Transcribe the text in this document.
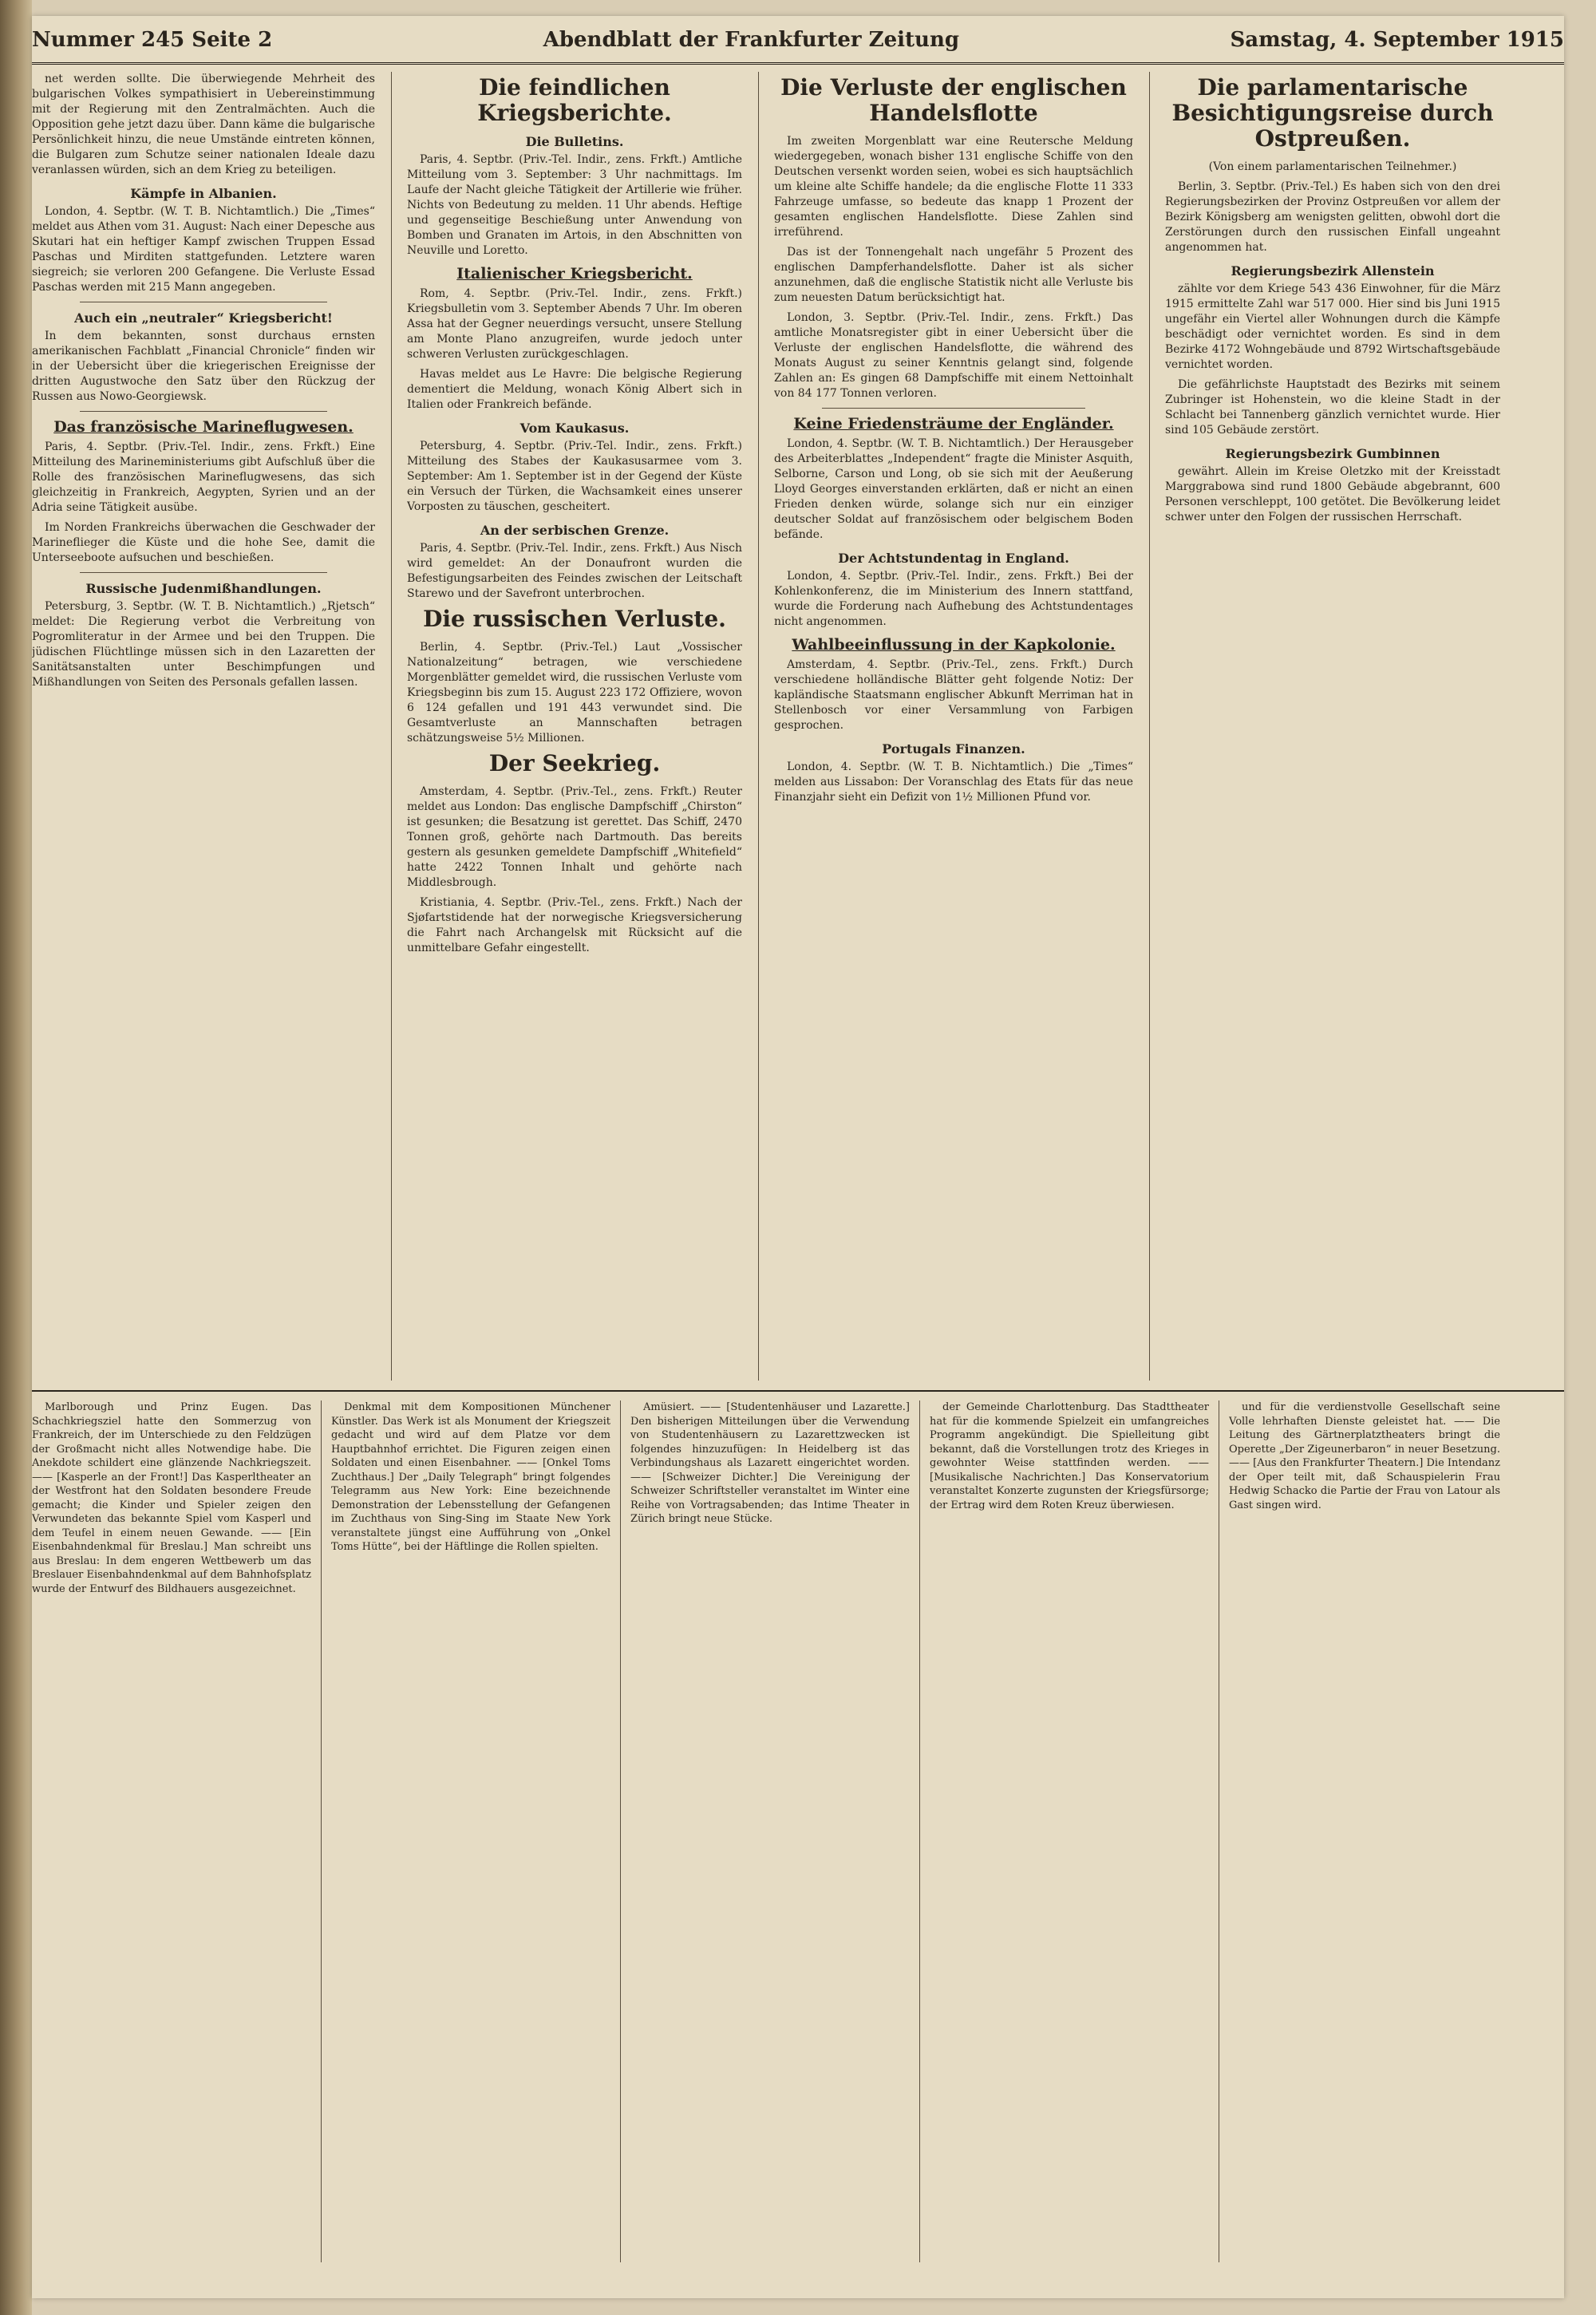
Nummer 245 Seite 2	Abendblatt der Frankfurter Zeitung	Samstag, 4. September 1915

net werden sollte. Die überwiegende Mehrheit des bulgarischen Volkes sympathisiert in Uebereinstimmung mit der Regierung mit den Zentralmächten. Auch die Opposition gehe jetzt dazu über. Dann käme die bulgarische Persönlichkeit hinzu, die neue Umstände eintreten können, die Bulgaren zum Schutze seiner nationalen Ideale dazu veranlassen würden, sich an dem Krieg zu beteiligen.

Kämpfe in Albanien.

London, 4. Septbr. (W. T. B. Nichtamtlich.) Die „Times“ meldet aus Athen vom 31. August: Nach einer Depesche aus Skutari hat ein heftiger Kampf zwischen Truppen Essad Paschas und Mirditen stattgefunden. Letztere waren siegreich; sie verloren 200 Gefangene. Die Verluste Essad Paschas werden mit 215 Mann angegeben.

Auch ein „neutraler“ Kriegsbericht!

In dem bekannten, sonst durchaus ernsten amerikanischen Fachblatt „Financial Chronicle“ finden wir in der Uebersicht über die kriegerischen Ereignisse der dritten Augustwoche den Satz über den Rückzug der Russen aus Nowo-Georgiewsk.

Das französische Marineflugwesen.

Paris, 4. Septbr. (Priv.-Tel. Indir., zens. Frkft.) Eine Mitteilung des Marineministeriums gibt Aufschluß über die Rolle des französischen Marineflugwesens, das sich gleichzeitig in Frankreich, Aegypten, Syrien und an der Adria seine Tätigkeit ausübe.

Im Norden Frankreichs überwachen die Geschwader der Marineflieger die Küste und die hohe See, damit die Unterseeboote aufsuchen und beschießen.

Russische Judenmißhandlungen.

Petersburg, 3. Septbr. (W. T. B. Nichtamtlich.) „Rjetsch“ meldet: Die Regierung verbot die Verbreitung von Pogromliteratur in der Armee und bei den Truppen. Die jüdischen Flüchtlinge müssen sich in den Lazaretten der Sanitätsanstalten unter Beschimpfungen und Mißhandlungen von Seiten des Personals gefallen lassen.

Die feindlichen Kriegsberichte.
Die Bulletins.

Paris, 4. Septbr. (Priv.-Tel. Indir., zens. Frkft.) Amtliche Mitteilung vom 3. September: 3 Uhr nachmittags. Im Laufe der Nacht gleiche Tätigkeit der Artillerie wie früher. Nichts von Bedeutung zu melden. 11 Uhr abends. Heftige und gegenseitige Beschießung unter Anwendung von Bomben und Granaten im Artois, in den Abschnitten von Neuville und Loretto.

Italienischer Kriegsbericht.

Rom, 4. Septbr. (Priv.-Tel. Indir., zens. Frkft.) Kriegsbulletin vom 3. September Abends 7 Uhr. Im oberen Assa hat der Gegner neuerdings versucht, unsere Stellung am Monte Plano anzugreifen, wurde jedoch unter schweren Verlusten zurückgeschlagen.

Havas meldet aus Le Havre: Die belgische Regierung dementiert die Meldung, wonach König Albert sich in Italien oder Frankreich befände.

Vom Kaukasus.

Petersburg, 4. Septbr. (Priv.-Tel. Indir., zens. Frkft.) Mitteilung des Stabes der Kaukasusarmee vom 3. September: Am 1. September ist in der Gegend der Küste ein Versuch der Türken, die Wachsamkeit eines unserer Vorposten zu täuschen, gescheitert.

An der serbischen Grenze.

Paris, 4. Septbr. (Priv.-Tel. Indir., zens. Frkft.) Aus Nisch wird gemeldet: An der Donaufront wurden die Befestigungsarbeiten des Feindes zwischen der Leitschaft Starewo und der Savefront unterbrochen.

Die russischen Verluste.

Berlin, 4. Septbr. (Priv.-Tel.) Laut „Vossischer Nationalzeitung“ betragen, wie verschiedene Morgenblätter gemeldet wird, die russischen Verluste vom Kriegsbeginn bis zum 15. August 223 172 Offiziere, wovon 6 124 gefallen und 191 443 verwundet sind. Die Gesamtverluste an Mannschaften betragen schätzungsweise 5½ Millionen.

Der Seekrieg.

Amsterdam, 4. Septbr. (Priv.-Tel., zens. Frkft.) Reuter meldet aus London: Das englische Dampfschiff „Chirston“ ist gesunken; die Besatzung ist gerettet. Das Schiff, 2470 Tonnen groß, gehörte nach Dartmouth. Das bereits gestern als gesunken gemeldete Dampfschiff „Whitefield“ hatte 2422 Tonnen Inhalt und gehörte nach Middlesbrough.

Kristiania, 4. Septbr. (Priv.-Tel., zens. Frkft.) Nach der Sjøfartstidende hat der norwegische Kriegsversicherung die Fahrt nach Archangelsk mit Rücksicht auf die unmittelbare Gefahr eingestellt.

Die Verluste der englischen Handelsflotte

Im zweiten Morgenblatt war eine Reutersche Meldung wiedergegeben, wonach bisher 131 englische Schiffe von den Deutschen versenkt worden seien, wobei es sich hauptsächlich um kleine alte Schiffe handele; da die englische Flotte 11 333 Fahrzeuge umfasse, so bedeute das knapp 1 Prozent der gesamten englischen Handelsflotte. Diese Zahlen sind irreführend.

Das ist der Tonnengehalt nach ungefähr 5 Prozent des englischen Dampferhandelsflotte. Daher ist als sicher anzunehmen, daß die englische Statistik nicht alle Verluste bis zum neuesten Datum berücksichtigt hat.

London, 3. Septbr. (Priv.-Tel. Indir., zens. Frkft.) Das amtliche Monatsregister gibt in einer Uebersicht über die Verluste der englischen Handelsflotte, die während des Monats August zu seiner Kenntnis gelangt sind, folgende Zahlen an: Es gingen 68 Dampfschiffe mit einem Nettoinhalt von 84 177 Tonnen verloren.

Keine Friedensträume der Engländer.

London, 4. Septbr. (W. T. B. Nichtamtlich.) Der Herausgeber des Arbeiterblattes „Independent“ fragte die Minister Asquith, Selborne, Carson und Long, ob sie sich mit der Aeußerung Lloyd Georges einverstanden erklärten, daß er nicht an einen Frieden denken würde, solange sich nur ein einziger deutscher Soldat auf französischem oder belgischem Boden befände.

Der Achtstundentag in England.

London, 4. Septbr. (Priv.-Tel. Indir., zens. Frkft.) Bei der Kohlenkonferenz, die im Ministerium des Innern stattfand, wurde die Forderung nach Aufhebung des Achtstundentages nicht angenommen.

Wahlbeeinflussung in der Kapkolonie.

Amsterdam, 4. Septbr. (Priv.-Tel., zens. Frkft.) Durch verschiedene holländische Blätter geht folgende Notiz: Der kapländische Staatsmann englischer Abkunft Merriman hat in Stellenbosch vor einer Versammlung von Farbigen gesprochen.

Portugals Finanzen.

London, 4. Septbr. (W. T. B. Nichtamtlich.) Die „Times“ melden aus Lissabon: Der Voranschlag des Etats für das neue Finanzjahr sieht ein Defizit von 1½ Millionen Pfund vor.

Die parlamentarische Besichtigungsreise durch Ostpreußen.
(Von einem parlamentarischen Teilnehmer.)

Berlin, 3. Septbr. (Priv.-Tel.) Es haben sich von den drei Regierungsbezirken der Provinz Ostpreußen vor allem der Bezirk Königsberg am wenigsten gelitten, obwohl dort die Zerstörungen durch den russischen Einfall ungeahnt angenommen hat.

Regierungsbezirk Allenstein

zählte vor dem Kriege 543 436 Einwohner, für die März 1915 ermittelte Zahl war 517 000. Hier sind bis Juni 1915 ungefähr ein Viertel aller Wohnungen durch die Kämpfe beschädigt oder vernichtet worden. Es sind in dem Bezirke 4172 Wohngebäude und 8792 Wirtschaftsgebäude vernichtet worden.

Die gefährlichste Hauptstadt des Bezirks mit seinem Zubringer ist Hohenstein, wo die kleine Stadt in der Schlacht bei Tannenberg gänzlich vernichtet wurde. Hier sind 105 Gebäude zerstört.

Regierungsbezirk Gumbinnen

gewährt. Allein im Kreise Oletzko mit der Kreisstadt Marggrabowa sind rund 1800 Gebäude abgebrannt, 600 Personen verschleppt, 100 getötet. Die Bevölkerung leidet schwer unter den Folgen der russischen Herrschaft.

Marlborough und Prinz Eugen. Das Schachkriegsziel hatte den Sommerzug von Frankreich, der im Unterschiede zu den Feldzügen der Großmacht nicht alles Notwendige habe. Die Anekdote schildert eine glänzende Nachkriegszeit. —— [Kasperle an der Front!] Das Kasperltheater an der Westfront hat den Soldaten besondere Freude gemacht; die Kinder und Spieler zeigen den Verwundeten das bekannte Spiel vom Kasperl und dem Teufel in einem neuen Gewande. —— [Ein Eisenbahndenkmal für Breslau.] Man schreibt uns aus Breslau: In dem engeren Wettbewerb um das Breslauer Eisenbahndenkmal auf dem Bahnhofsplatz wurde der Entwurf des Bildhauers ausgezeichnet.

Denkmal mit dem Kompositionen Münchener Künstler. Das Werk ist als Monument der Kriegszeit gedacht und wird auf dem Platze vor dem Hauptbahnhof errichtet. Die Figuren zeigen einen Soldaten und einen Eisenbahner. —— [Onkel Toms Zuchthaus.] Der „Daily Telegraph“ bringt folgendes Telegramm aus New York: Eine bezeichnende Demonstration der Lebensstellung der Gefangenen im Zuchthaus von Sing-Sing im Staate New York veranstaltete jüngst eine Aufführung von „Onkel Toms Hütte“, bei der Häftlinge die Rollen spielten.

Amüsiert. —— [Studentenhäuser und Lazarette.] Den bisherigen Mitteilungen über die Verwendung von Studentenhäusern zu Lazarettzwecken ist folgendes hinzuzufügen: In Heidelberg ist das Verbindungshaus als Lazarett eingerichtet worden. —— [Schweizer Dichter.] Die Vereinigung der Schweizer Schriftsteller veranstaltet im Winter eine Reihe von Vortragsabenden; das Intime Theater in Zürich bringt neue Stücke.

der Gemeinde Charlottenburg. Das Stadttheater hat für die kommende Spielzeit ein umfangreiches Programm angekündigt. Die Spielleitung gibt bekannt, daß die Vorstellungen trotz des Krieges in gewohnter Weise stattfinden werden. —— [Musikalische Nachrichten.] Das Konservatorium veranstaltet Konzerte zugunsten der Kriegsfürsorge; der Ertrag wird dem Roten Kreuz überwiesen.

und für die verdienstvolle Gesellschaft seine Volle lehrhaften Dienste geleistet hat. —— Die Leitung des Gärtnerplatztheaters bringt die Operette „Der Zigeunerbaron“ in neuer Besetzung. —— [Aus den Frankfurter Theatern.] Die Intendanz der Oper teilt mit, daß Schauspielerin Frau Hedwig Schacko die Partie der Frau von Latour als Gast singen wird.
